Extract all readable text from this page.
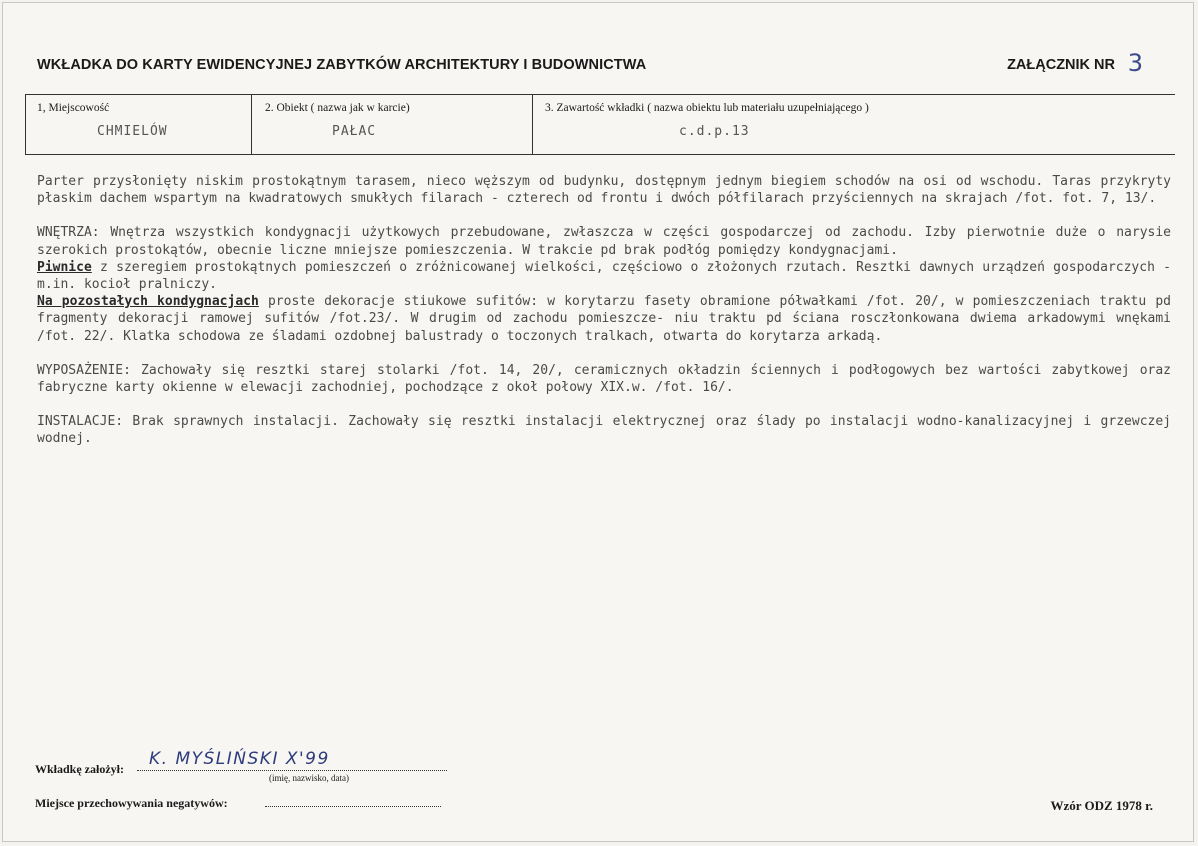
WKŁADKA DO KARTY EWIDENCYJNEJ ZABYTKÓW ARCHITEKTURY I BUDOWNICTWA	ZAŁĄCZNIK NR 3
1, Miejscowość
CHMIELÓW
2. Obiekt ( nazwa jak w karcie)
PAŁAC
3. Zawartość wkładki ( nazwa obiektu lub materiału uzupełniającego )
c.d.p.13

Parter przysłonięty niskim prostokątnym tarasem, nieco węższym od budynku, dostępnym jednym biegiem schodów na osi od wschodu. Taras przykryty płaskim dachem wspartym na kwadratowych smukłych filarach - czterech od frontu i dwóch półfilarach przyściennych na skrajach /fot. fot. 7, 13/.

WNĘTRZA: Wnętrza wszystkich kondygnacji użytkowych przebudowane, zwłaszcza w części gospodarczej od zachodu. Izby pierwotnie duże o narysie szerokich prostokątów, obecnie liczne mniejsze pomieszczenia. W trakcie pd brak podłóg pomiędzy kondygnacjami.
Piwnice z szeregiem prostokątnych pomieszczeń o zróżnicowanej wielkości, częściowo o złożonych rzutach. Resztki dawnych urządzeń gospodarczych - m.in. kocioł pralniczy.
Na pozostałych kondygnacjach proste dekoracje stiukowe sufitów: w korytarzu fasety obramione półwałkami /fot. 20/, w pomieszczeniach traktu pd fragmenty dekoracji ramowej sufitów /fot.23/. W drugim od zachodu pomieszcze- niu traktu pd ściana rosczłonkowana dwiema arkadowymi wnękami /fot. 22/. Klatka schodowa ze śladami ozdobnej balustrady o toczonych tralkach, otwarta do korytarza arkadą.

WYPOSAŻENIE: Zachowały się resztki starej stolarki /fot. 14, 20/, ceramicznych okładzin ściennych i podłogowych bez wartości zabytkowej oraz fabryczne karty okienne w elewacji zachodniej, pochodzące z okoł połowy XIX.w. /fot. 16/.

INSTALACJE: Brak sprawnych instalacji. Zachowały się resztki instalacji elektrycznej oraz ślady po instalacji wodno-kanalizacyjnej i grzewczej wodnej.

Wkładkę założył: K. MYŚLIŃSKI X'99
(imię, nazwisko, data)
Miejsce przechowywania negatywów:	Wzór ODZ 1978 r.
